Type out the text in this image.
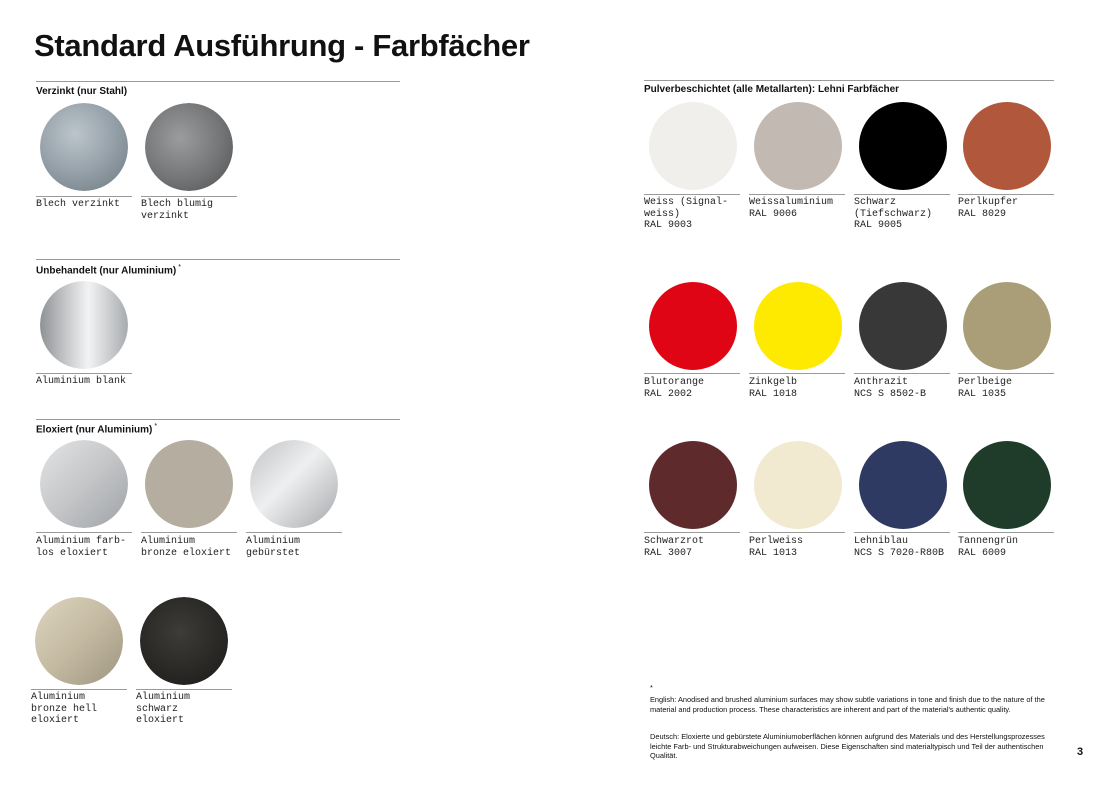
Standard Ausführung - Farbfächer
Verzinkt (nur Stahl)
Blech verzinkt Blech blumig
verzinkt
Unbehandelt (nur Aluminium) *
Aluminium blank
Eloxiert (nur Aluminium) *
Aluminium farb-
los eloxiert
Aluminium
bronze eloxiert
Aluminium
gebürstet
Aluminium
bronze hell
eloxiert
Aluminium
schwarz
eloxiert
Pulverbeschichtet (alle Metallarten): Lehni Farbfächer
Weiss (Signal-
weiss)
RAL 9003
Weissaluminium
RAL 9006
Schwarz
(Tiefschwarz)
RAL 9005
Perlkupfer
RAL 8029
Blutorange
RAL 2002
Zinkgelb
RAL 1018
Anthrazit
NCS S 8502-B
Perlbeige
RAL 1035
Schwarzrot
RAL 3007
Perlweiss
RAL 1013
Lehniblau
NCS S 7020-R80B
Tannengrün
RAL 6009
*
English: Anodised and brushed aluminium surfaces may show subtle variations in tone and finish due to the nature of the material and production process. These characteristics are inherent and part of the material's authentic quality.
Deutsch: Eloxierte und gebürstete Aluminiumoberflächen können aufgrund des Materials und des Herstellungsprozesses leichte Farb- und Strukturabweichungen aufweisen. Diese Eigenschaften sind materialtypisch und Teil der authentischen Qualität.	3
